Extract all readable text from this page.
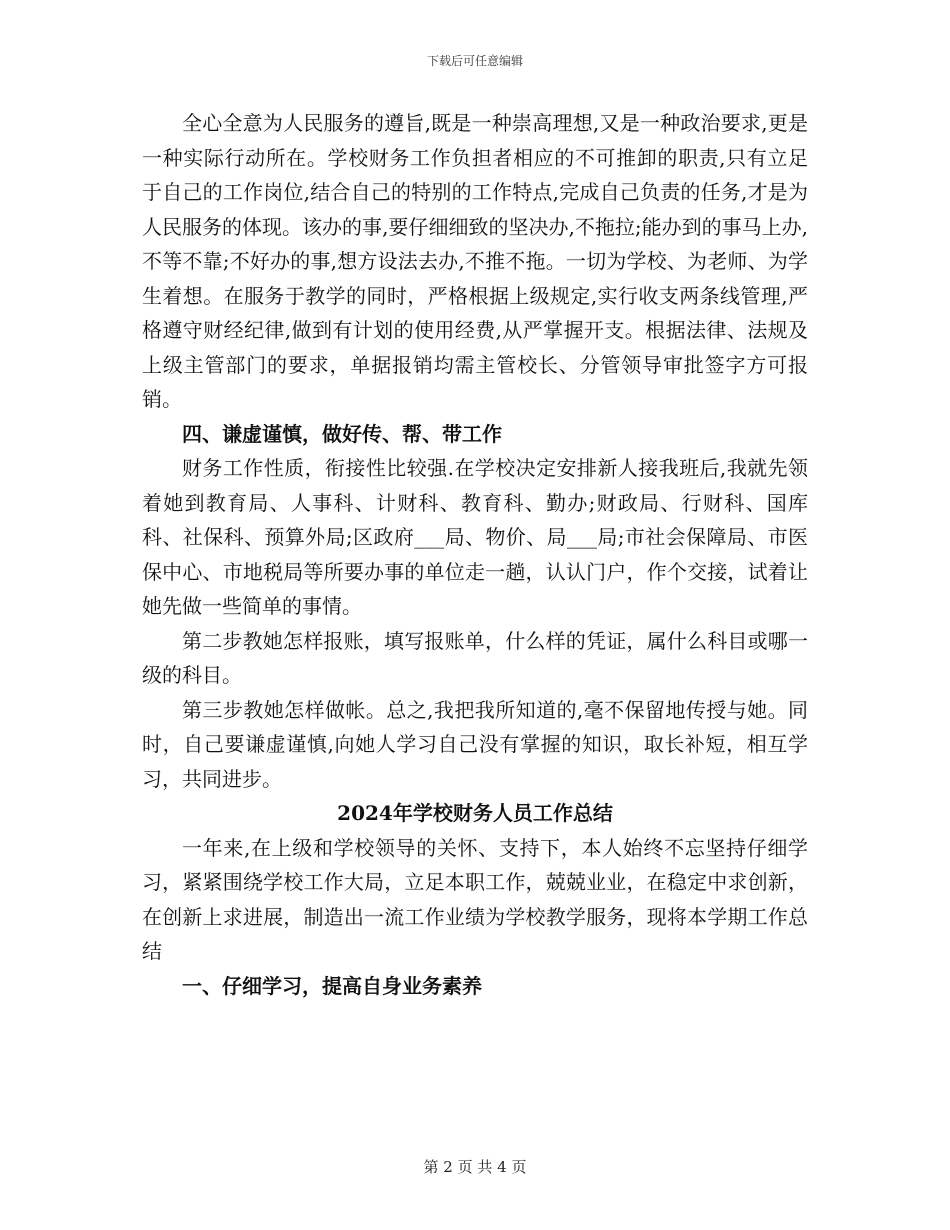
下载后可任意编辑

全心全意为人民服务的遵旨,既是一种崇高理想,又是一种政治要求,更是一种实际行动所在。学校财务工作负担者相应的不可推卸的职责,只有立足于自己的工作岗位,结合自己的特别的工作特点,完成自己负责的任务,才是为人民服务的体现。该办的事,要仔细细致的坚决办,不拖拉;能办到的事马上办,不等不靠;不好办的事,想方设法去办,不推不拖。一切为学校、为老师、为学生着想。在服务于教学的同时，严格根据上级规定,实行收支两条线管理,严格遵守财经纪律,做到有计划的使用经费,从严掌握开支。根据法律、法规及上级主管部门的要求，单据报销均需主管校长、分管领导审批签字方可报销。

四、谦虚谨慎，做好传、帮、带工作

财务工作性质，衔接性比较强.在学校决定安排新人接我班后,我就先领着她到教育局、人事科、计财科、教育科、勤办;财政局、行财科、国库科、社保科、预算外局;区政府___局、物价、局___局;市社会保障局、市医保中心、市地税局等所要办事的单位走一趟，认认门户，作个交接，试着让她先做一些简单的事情。

第二步教她怎样报账，填写报账单，什么样的凭证，属什么科目或哪一级的科目。

第三步教她怎样做帐。总之,我把我所知道的,毫不保留地传授与她。同时，自己要谦虚谨慎,向她人学习自己没有掌握的知识，取长补短，相互学习，共同进步。

2024年学校财务人员工作总结

一年来,在上级和学校领导的关怀、支持下，本人始终不忘坚持仔细学习，紧紧围绕学校工作大局，立足本职工作，兢兢业业，在稳定中求创新，在创新上求进展，制造出一流工作业绩为学校教学服务，现将本学期工作总结

一、仔细学习，提高自身业务素养

第 2 页 共 4 页
